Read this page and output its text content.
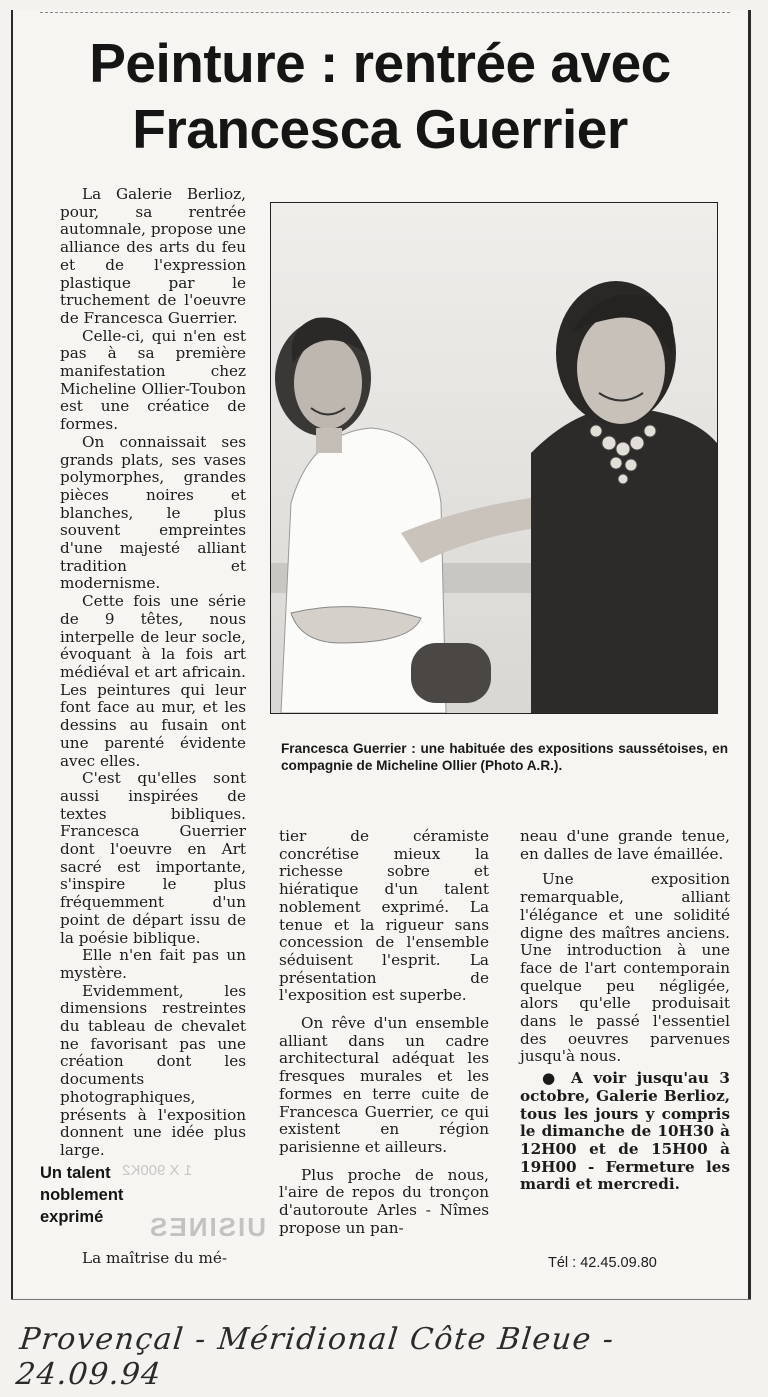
Peinture : rentrée avec
Francesca Guerrier

La Galerie Berlioz, pour, sa rentrée automnale, propose une alliance des arts du feu et de l'expression plastique par le truchement de l'oeuvre de Francesca Guerrier.

Celle-ci, qui n'en est pas à sa première manifestation chez Micheline Ollier-Toubon est une créatice de formes.

On connaissait ses grands plats, ses vases polymorphes, grandes pièces noires et blanches, le plus souvent empreintes d'une majesté alliant tradition et modernisme.

Cette fois une série de 9 têtes, nous interpelle de leur socle, évoquant à la fois art médiéval et art africain. Les peintures qui leur font face au mur, et les dessins au fusain ont une parenté évidente avec elles.

C'est qu'elles sont aussi inspirées de textes bibliques. Francesca Guerrier dont l'oeuvre en Art sacré est importante, s'inspire le plus fréquemment d'un point de départ issu de la poésie biblique.

Elle n'en fait pas un mystère.

Evidemment, les dimensions restreintes du tableau de chevalet ne favorisant pas une création dont les documents photographiques, présents à l'exposition donnent une idée plus large.

1 X 900K2
UISINES
Un talent noblement exprimé
La maîtrise du mé-
Francesca Guerrier : une habituée des expositions saussétoises, en compagnie de Micheline Ollier (Photo A.R.).

tier de céramiste concrétise mieux la richesse sobre et hiératique d'un talent noblement exprimé. La tenue et la rigueur sans concession de l'ensemble séduisent l'esprit. La présentation de l'exposition est superbe.

On rêve d'un ensemble alliant dans un cadre architectural adéquat les fresques murales et les formes en terre cuite de Francesca Guerrier, ce qui existent en région parisienne et ailleurs.

Plus proche de nous, l'aire de repos du tronçon d'autoroute Arles - Nîmes propose un pan-

neau d'une grande tenue, en dalles de lave émaillée.

Une exposition remarquable, alliant l'élégance et une solidité digne des maîtres anciens. Une introduction à une face de l'art contemporain quelque peu négligée, alors qu'elle produisait dans le passé l'essentiel des oeuvres parvenues jusqu'à nous.

● A voir jusqu'au 3 octobre, Galerie Berlioz, tous les jours y compris le dimanche de 10H30 à 12H00 et de 15H00 à 19H00 - Fermeture les mardi et mercredi.

Tél : 42.45.09.80
Provençal - Méridional Côte Bleue - 24.09.94
